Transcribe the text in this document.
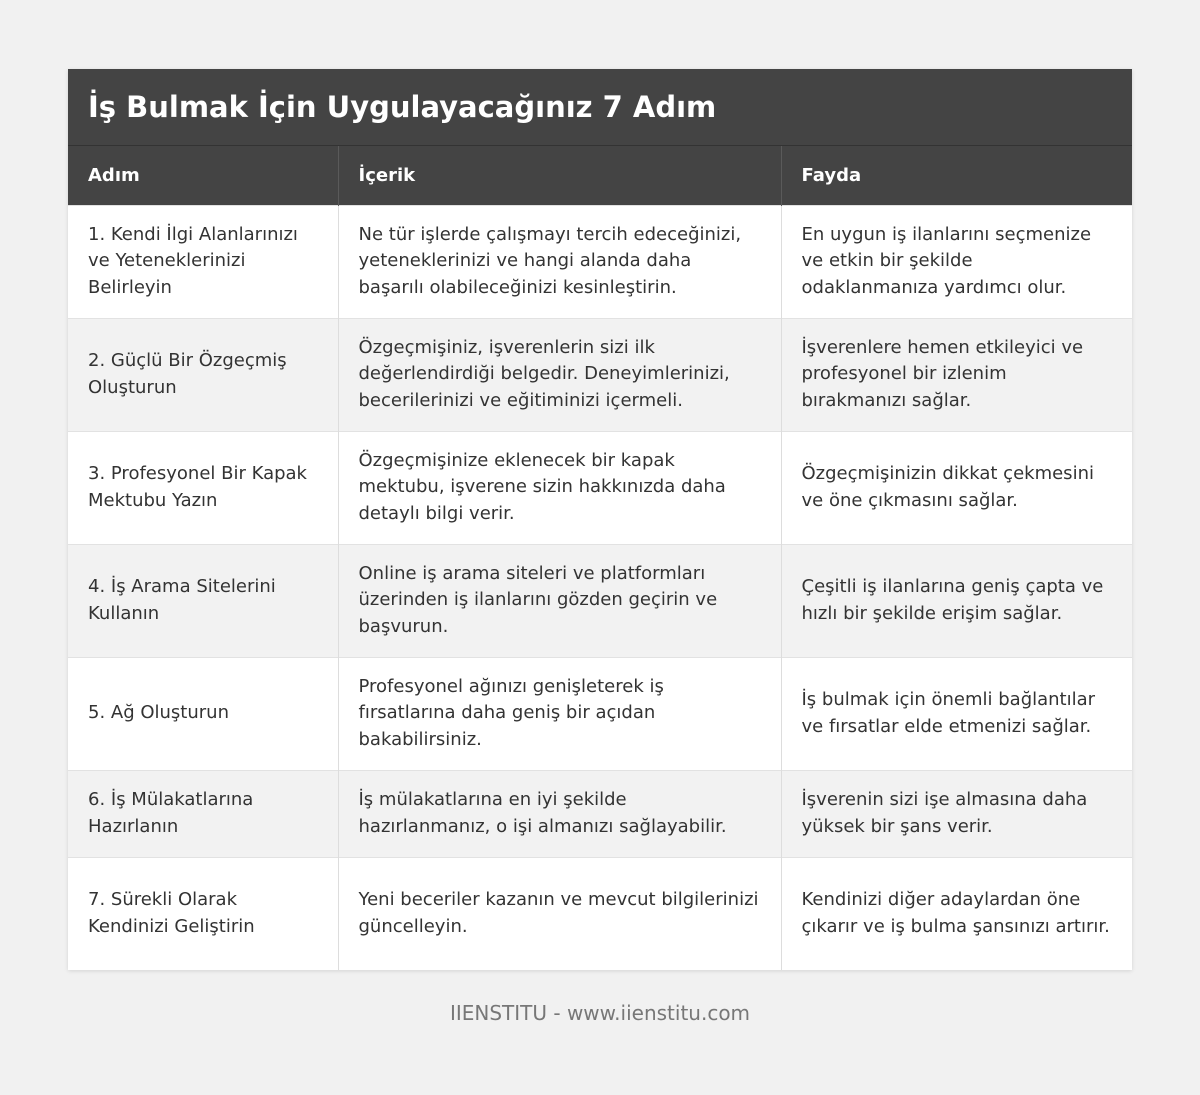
İş Bulmak İçin Uygulayacağınız 7 Adım
Adım	İçerik	Fayda
1. Kendi İlgi Alanlarınızı ve Yeteneklerinizi Belirleyin	Ne tür işlerde çalışmayı tercih edeceğinizi, yeteneklerinizi ve hangi alanda daha başarılı olabileceğinizi kesinleştirin.	En uygun iş ilanlarını seçmenize ve etkin bir şekilde odaklanmanıza yardımcı olur.
2. Güçlü Bir Özgeçmiş Oluşturun	Özgeçmişiniz, işverenlerin sizi ilk değerlendirdiği belgedir. Deneyimlerinizi, becerilerinizi ve eğitiminizi içermeli.	İşverenlere hemen etkileyici ve profesyonel bir izlenim bırakmanızı sağlar.
3. Profesyonel Bir Kapak Mektubu Yazın	Özgeçmişinize eklenecek bir kapak mektubu, işverene sizin hakkınızda daha detaylı bilgi verir.	Özgeçmişinizin dikkat çekmesini ve öne çıkmasını sağlar.
4. İş Arama Sitelerini Kullanın	Online iş arama siteleri ve platformları üzerinden iş ilanlarını gözden geçirin ve başvurun.	Çeşitli iş ilanlarına geniş çapta ve hızlı bir şekilde erişim sağlar.
5. Ağ Oluşturun	Profesyonel ağınızı genişleterek iş fırsatlarına daha geniş bir açıdan bakabilirsiniz.	İş bulmak için önemli bağlantılar ve fırsatlar elde etmenizi sağlar.
6. İş Mülakatlarına Hazırlanın	İş mülakatlarına en iyi şekilde hazırlanmanız, o işi almanızı sağlayabilir.	İşverenin sizi işe almasına daha yüksek bir şans verir.
7. Sürekli Olarak Kendinizi Geliştirin	Yeni beceriler kazanın ve mevcut bilgilerinizi güncelleyin.	Kendinizi diğer adaylardan öne çıkarır ve iş bulma şansınızı artırır.
IIENSTITU - www.iienstitu.com
